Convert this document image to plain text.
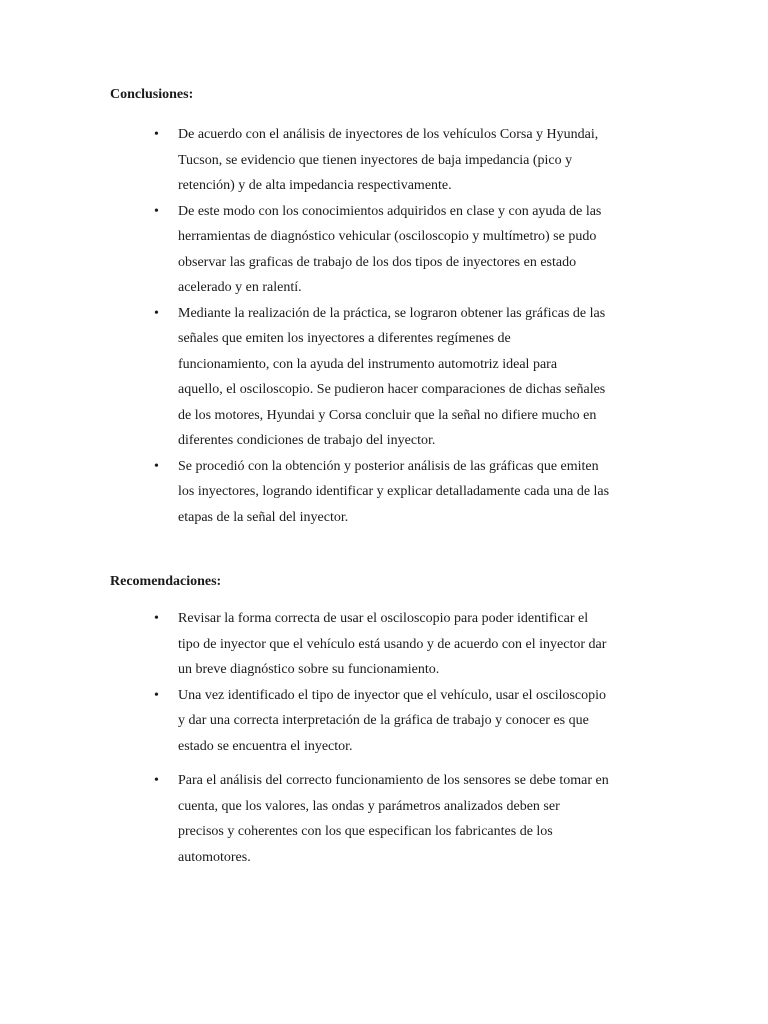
Conclusiones:
•	De acuerdo con el análisis de inyectores de los vehículos Corsa y Hyundai,
Tucson, se evidencio que tienen inyectores de baja impedancia (pico y
retención) y de alta impedancia respectivamente.
•	De este modo con los conocimientos adquiridos en clase y con ayuda de las
herramientas de diagnóstico vehicular (osciloscopio y multímetro) se pudo
observar las graficas de trabajo de los dos tipos de inyectores en estado
acelerado y en ralentí.
•	Mediante la realización de la práctica, se lograron obtener las gráficas de las
señales que emiten los inyectores a diferentes regímenes de
funcionamiento, con la ayuda del instrumento automotriz ideal para
aquello, el osciloscopio. Se pudieron hacer comparaciones de dichas señales
de los motores, Hyundai y Corsa concluir que la señal no difiere mucho en
diferentes condiciones de trabajo del inyector.
•	Se procedió con la obtención y posterior análisis de las gráficas que emiten
los inyectores, logrando identificar y explicar detalladamente cada una de las
etapas de la señal del inyector.
Recomendaciones:
•	Revisar la forma correcta de usar el osciloscopio para poder identificar el
tipo de inyector que el vehículo está usando y de acuerdo con el inyector dar
un breve diagnóstico sobre su funcionamiento.
•	Una vez identificado el tipo de inyector que el vehículo, usar el osciloscopio
y dar una correcta interpretación de la gráfica de trabajo y conocer es que
estado se encuentra el inyector.
•	Para el análisis del correcto funcionamiento de los sensores se debe tomar en
cuenta, que los valores, las ondas y parámetros analizados deben ser
precisos y coherentes con los que especifican los fabricantes de los
automotores.
